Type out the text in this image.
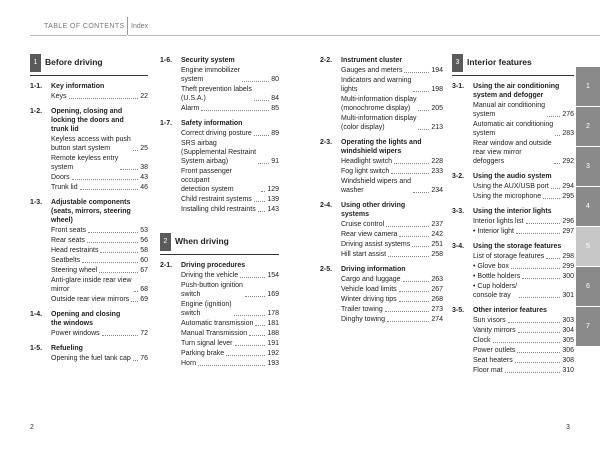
TABLE OF CONTENTS Index
1 Before driving
1-1.	Key information
Keys	22
1-2.	Opening, closing and
locking the doors and
trunk lid
Keyless access with push
button start system	25
Remote keyless entry
system	38
Doors	43
Trunk lid	46
1-3.	Adjustable components
(seats, mirrors, steering
wheel)
Front seats	53
Rear seats	56
Head restraints	58
Seatbelts	60
Steering wheel	67
Anti-glare inside rear view
mirror	68
Outside rear view mirrors 69
1-4.	Opening and closing
the windows
Power windows	72
1-5.	Refueling
Opening the fuel tank cap 76
1-6.	Security system
Engine immobilizer
system	80
Theft prevention labels
(U.S.A.)	84
Alarm	85
1-7.	Safety information
Correct driving posture	89
SRS airbag
(Supplemental Restraint
System airbag)	91
Front passenger occupant
detection system	129
Child restraint systems 139
Installing child restraints 143
2 When driving
2-1.	Driving procedures
Driving the vehicle	154
Push-button ignition
switch	169
Engine (ignition)
switch	178
Automatic transmission 181
Manual Transmission	188
Turn signal lever	191
Parking brake	192
Horn	193
2-2.	Instrument cluster
Gauges and meters	194
Indicators and warning
lights	198
Multi-information display
(monochrome display)	205
Multi-information display
(color display)	213
2-3.	Operating the lights and
windshield wipers
Headlight switch	228
Fog light switch	233
Windshield wipers and
washer	234
2-4.	Using other driving
systems
Cruise control	237
Rear view camera	242
Driving assist systems	251
Hill start assist	258
2-5.	Driving information
Cargo and luggage	263
Vehicle load limits	267
Winter driving tips	268
Trailer towing	273
Dinghy towing	274
3 Interior features
3-1.	Using the air conditioning
system and defogger
Manual air conditioning
system	276
Automatic air conditioning
system	283
Rear window and outside
rear view mirror
defoggers	292
3-2.	Using the audio system
Using the AUX/USB port 294
Using the microphone	295
3-3.	Using the interior lights
Interior lights list	296
• Interior light	297
3-4.	Using the storage features
List of storage features	298
• Glove box	299
• Bottle holders	300
• Cup holders/
console tray	301
3-5.	Other interior features
Sun visors	303
Vanity mirrors	304
Clock	305
Power outlets	306
Seat heaters	308
Floor mat	310
1
2
3
4
5
6
7
2	3
